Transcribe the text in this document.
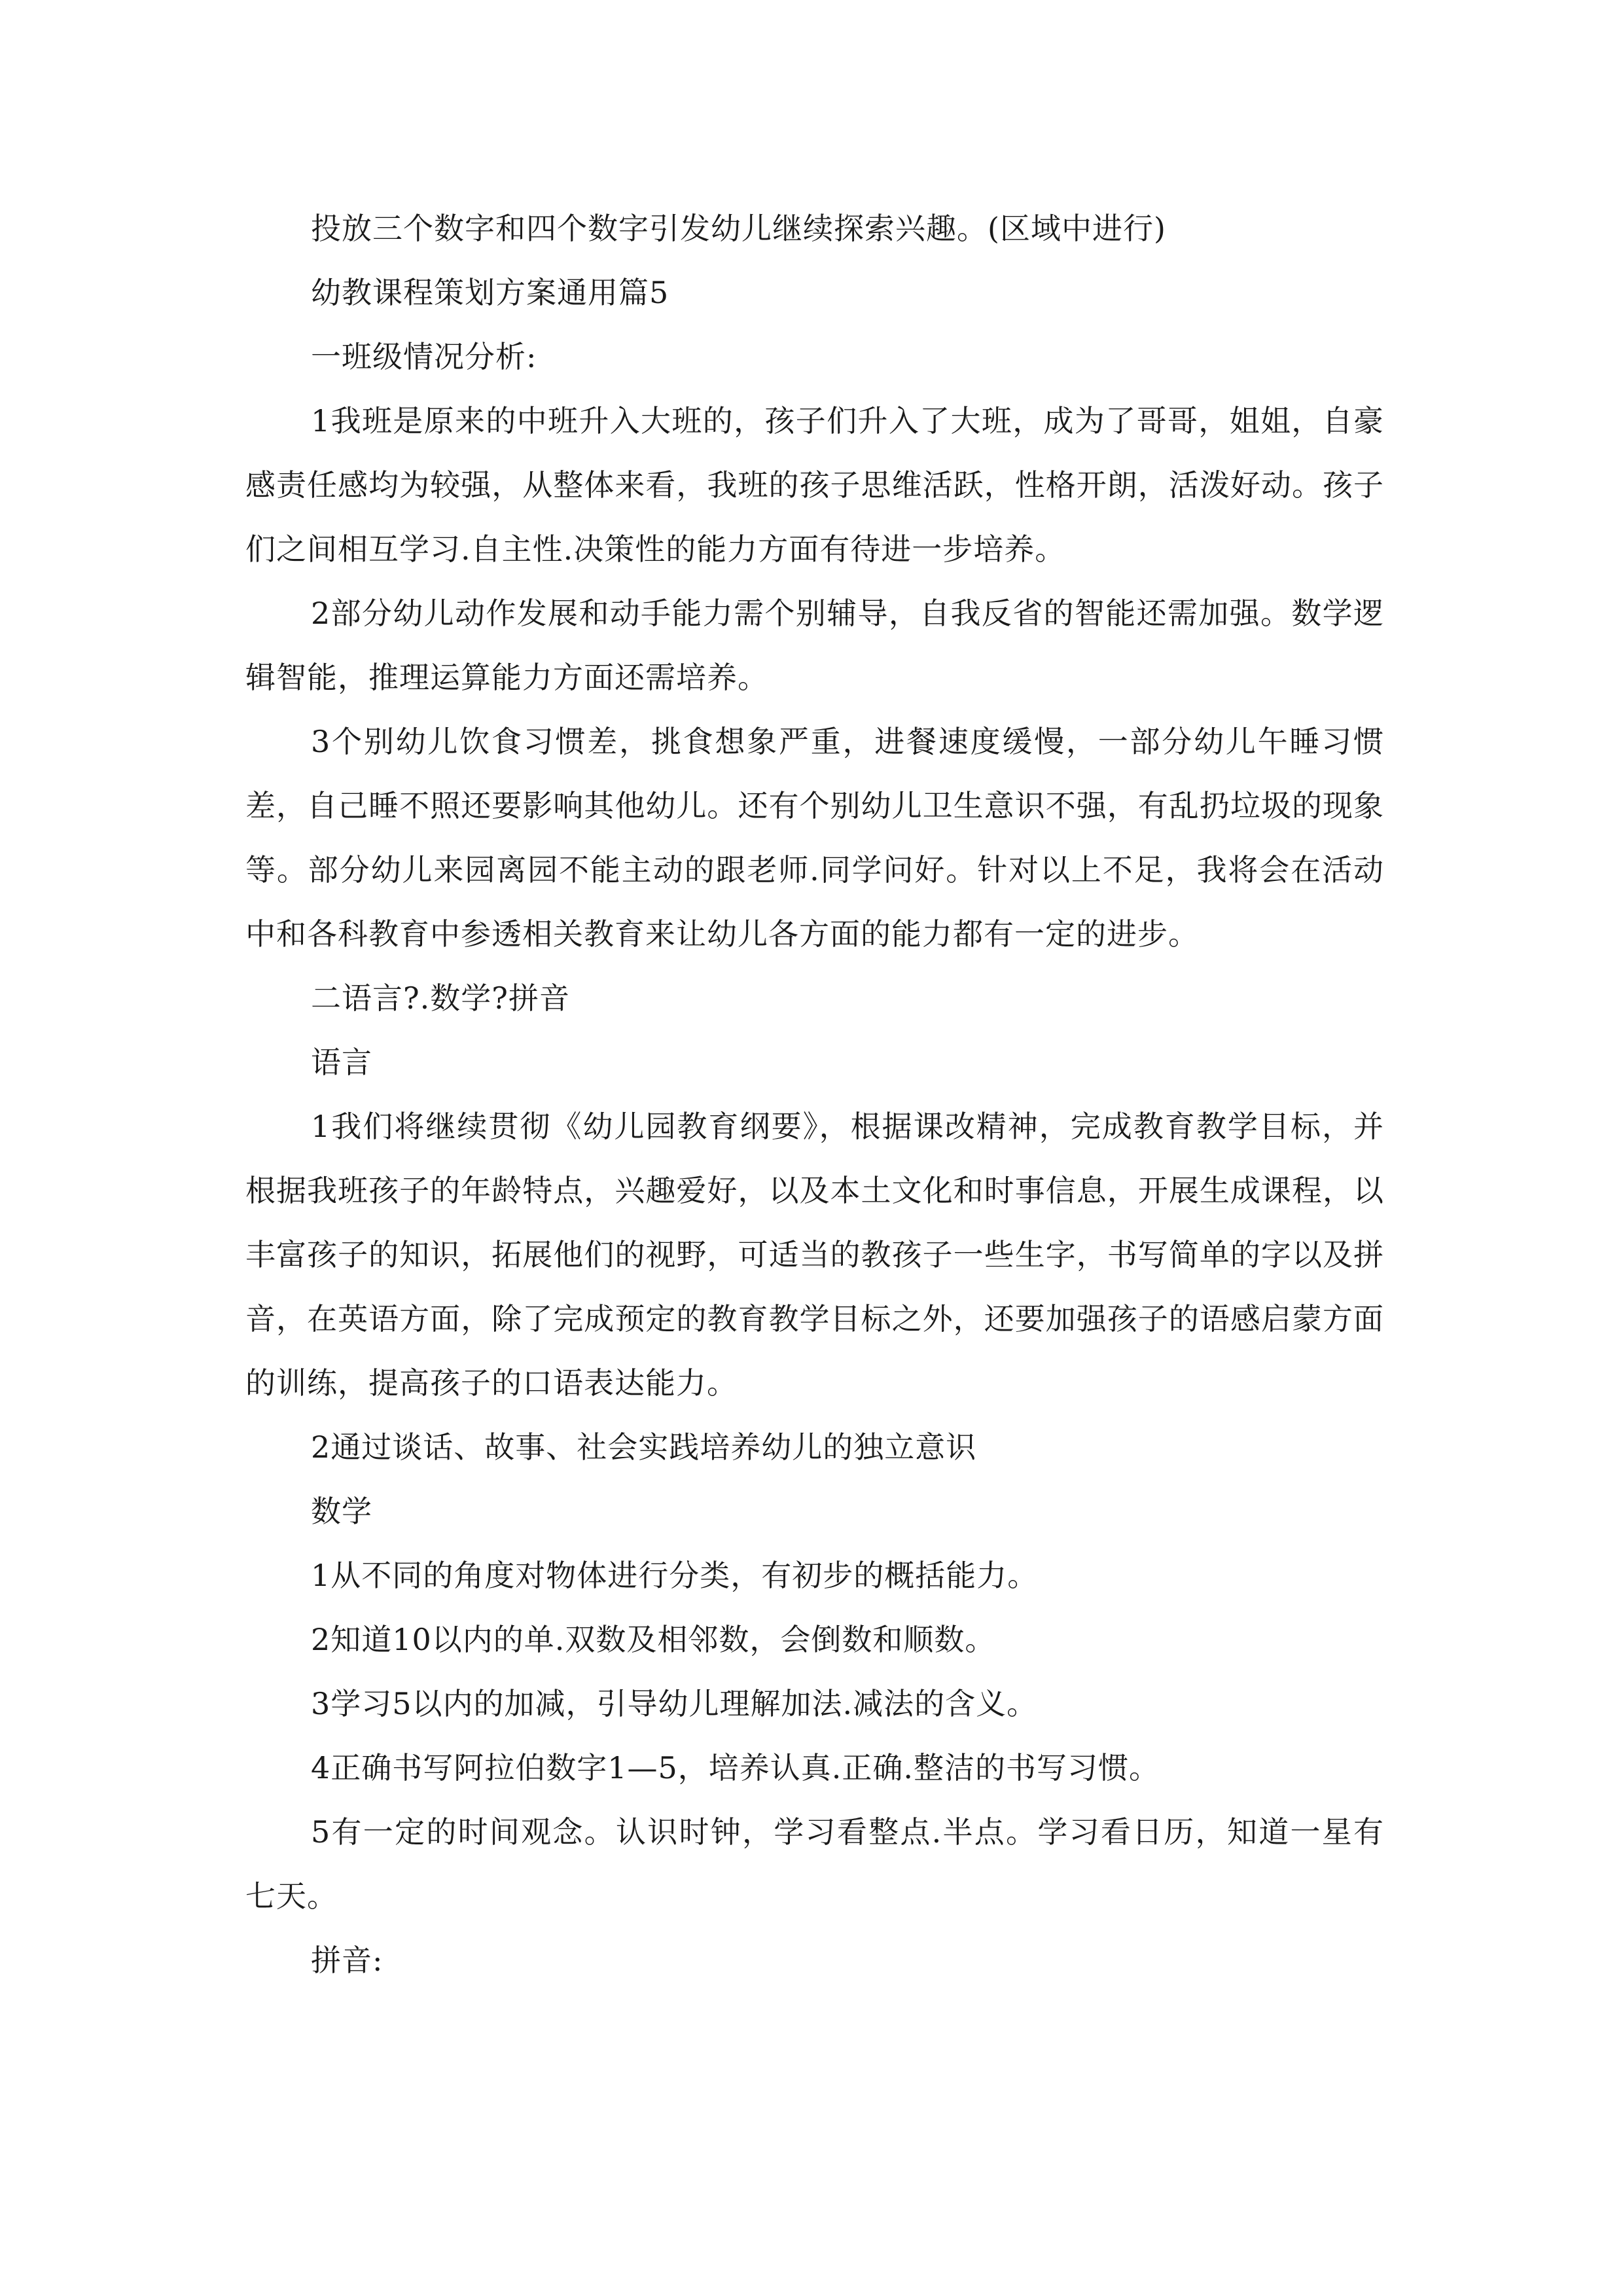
投放三个数字和四个数字引发幼儿继续探索兴趣。(区域中进行)

幼教课程策划方案通用篇5

一班级情况分析:

1我班是原来的中班升入大班的，孩子们升入了大班，成为了哥哥，姐姐，自豪感责任感均为较强，从整体来看，我班的孩子思维活跃，性格开朗，活泼好动。孩子们之间相互学习.自主性.决策性的能力方面有待进一步培养。

2部分幼儿动作发展和动手能力需个别辅导，自我反省的智能还需加强。数学逻辑智能，推理运算能力方面还需培养。

3个别幼儿饮食习惯差，挑食想象严重，进餐速度缓慢，一部分幼儿午睡习惯差，自己睡不照还要影响其他幼儿。还有个别幼儿卫生意识不强，有乱扔垃圾的现象等。部分幼儿来园离园不能主动的跟老师.同学问好。针对以上不足，我将会在活动中和各科教育中参透相关教育来让幼儿各方面的能力都有一定的进步。

二语言?.数学?拼音

语言

1我们将继续贯彻《幼儿园教育纲要》，根据课改精神，完成教育教学目标，并根据我班孩子的年龄特点，兴趣爱好，以及本土文化和时事信息，开展生成课程，以丰富孩子的知识，拓展他们的视野，可适当的教孩子一些生字，书写简单的字以及拼音，在英语方面，除了完成预定的教育教学目标之外，还要加强孩子的语感启蒙方面的训练，提高孩子的口语表达能力。

2通过谈话、故事、社会实践培养幼儿的独立意识

数学

1从不同的角度对物体进行分类，有初步的概括能力。

2知道10以内的单.双数及相邻数，会倒数和顺数。

3学习5以内的加减，引导幼儿理解加法.减法的含义。

4正确书写阿拉伯数字1—5，培养认真.正确.整洁的书写习惯。

5有一定的时间观念。认识时钟，学习看整点.半点。学习看日历，知道一星有七天。

拼音:
